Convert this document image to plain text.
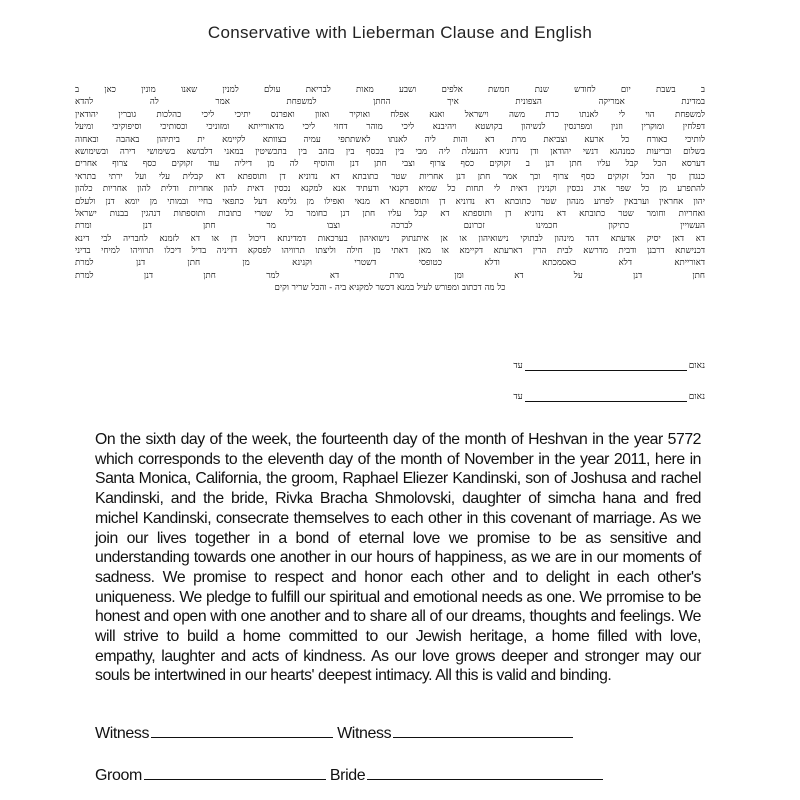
Conservative with Lieberman Clause and English
ב בשבת יום לחודש שנת חמשת אלפים ושבע מאות לבריאת עולם למנין שאנו מונין כאן ב
במדינת אמריקה הצפונית איך החתן למשפחת אמר לה להדא
למשפחת הוי לי לאנתו כדת משה וישראל ואנא אפלח ואוקיר ואזון ואפרנס יתיכי ליכי כהלכות גוברין יהודאין
דפלחין ומוקרין וזנין ומפרנסין לנשיהון בקושטא ויהיבנא ליכי מוהר דחזי ליכי מדאורייתא ומזוניכי וכסותיכי וסיפוקיכי ומיעל
לותיכי כאורח כל ארעא וצביאת מרת דא והות ליה לאנתו לאשתתפי עמיה בצוותא לקיימא ית ביתיהון באהבה ובאחוה
בשלום ובריעות כמנהגא דנשי יהודאן ודן נדוניא דהנעלת ליה מבי בין בכסף בין בזהב בין בתכשיטין במאני דלבושא בשימושי דירה ובשימושא
דערסא הכל קבל עליו חתן דנן ב זקוקים כסף צרוף וצבי חתן דנן והוסיף לה מן דיליה עוד זקוקים כסף צרוף אחרים
כנגדן סך הכל זקוקים כסף צרוף וכך אמר חתן דנן אחריות שטר כתובתא דא נדוניא דן ותוספתא דא קבלית עלי ועל ירתי בתראי
להתפרע מן כל שפר ארג נכסין וקנינין דאית לי תחות כל שמיא דקנאי ודעתיד אנא למקנא נכסין דאית להון אחריות ודלית להון אחריות כלהון
יהון אחראין וערבאין לפרוע מנהון שטר כתובתא דא נדוניא דן ותוספתא דא מנאי ואפילו מן גלימא דעל כתפאי בחיי ובמותי מן יומא דנן ולעלם
ואחריות וחומר שטר כתובתא דא נדוניא דן ותוספתא דא קבל עליו חתן דנן כחומר כל שטרי כתובות ותוספתות דנהגין בבנות ישראל
העשויין כתיקון חכמינו זכרונם לברכה וצבו מר חתן דנן ומרת
דא דאן יסיק אדעתא דהד מינהון לבתוקי נישואיהון או אן איתנתוק נישואיהון בערכאות דמדינתא דיכול דן או דא לזמנא לחבריה לבי דינא
דכנישתא דרבנן ודבית מדרשא לבית הדין דארעתא דקיימא או מאן דאתי מן חילה וליצתו תרוויהו לפסקא דדיניה בדיל דיכלו תרוויהו למיחי בדיני
דאורייתא דלא כאסמכתא ודלא כטופסי דשטרי וקנינא מן חתן דנן למרת
חתן דנן על דא ומן מרת דא למר חתן דנן למרת
כל מה דכתוב ומפורש לעיל במנא דכשר למקניא ביה - והכל שריר וקים
נאוםעד
נאוםעד
On the sixth day of the week, the fourteenth day of the month of Heshvan in the year 5772 which corresponds to the eleventh day of the month of November in the year 2011, here in Santa Monica, California, the groom, Raphael Eliezer Kandinski, son of Joshusa and rachel Kandinski, and the bride, Rivka Bracha Shmolovski, daughter of simcha hana and fred michel Kandinski, consecrate themselves to each other in this covenant of marriage. As we join our lives together in a bond of eternal love we promise to be as sensitive and understanding towards one another in our hours of happiness, as we are in our moments of sadness. We promise to respect and honor each other and to delight in each other's uniqueness. We pledge to fulfill our spiritual and emotional needs as one. We prromise to be honest and open with one another and to share all of our dreams, thoughts and feelings. We will strive to build a home committed to our Jewish heritage, a home filled with love, empathy, laughter and acts of kindness. As our love grows deeper and stronger may our souls be intertwined in our hearts' deepest intimacy. All this is valid and binding.
Witness	Witness
Groom	Bride
